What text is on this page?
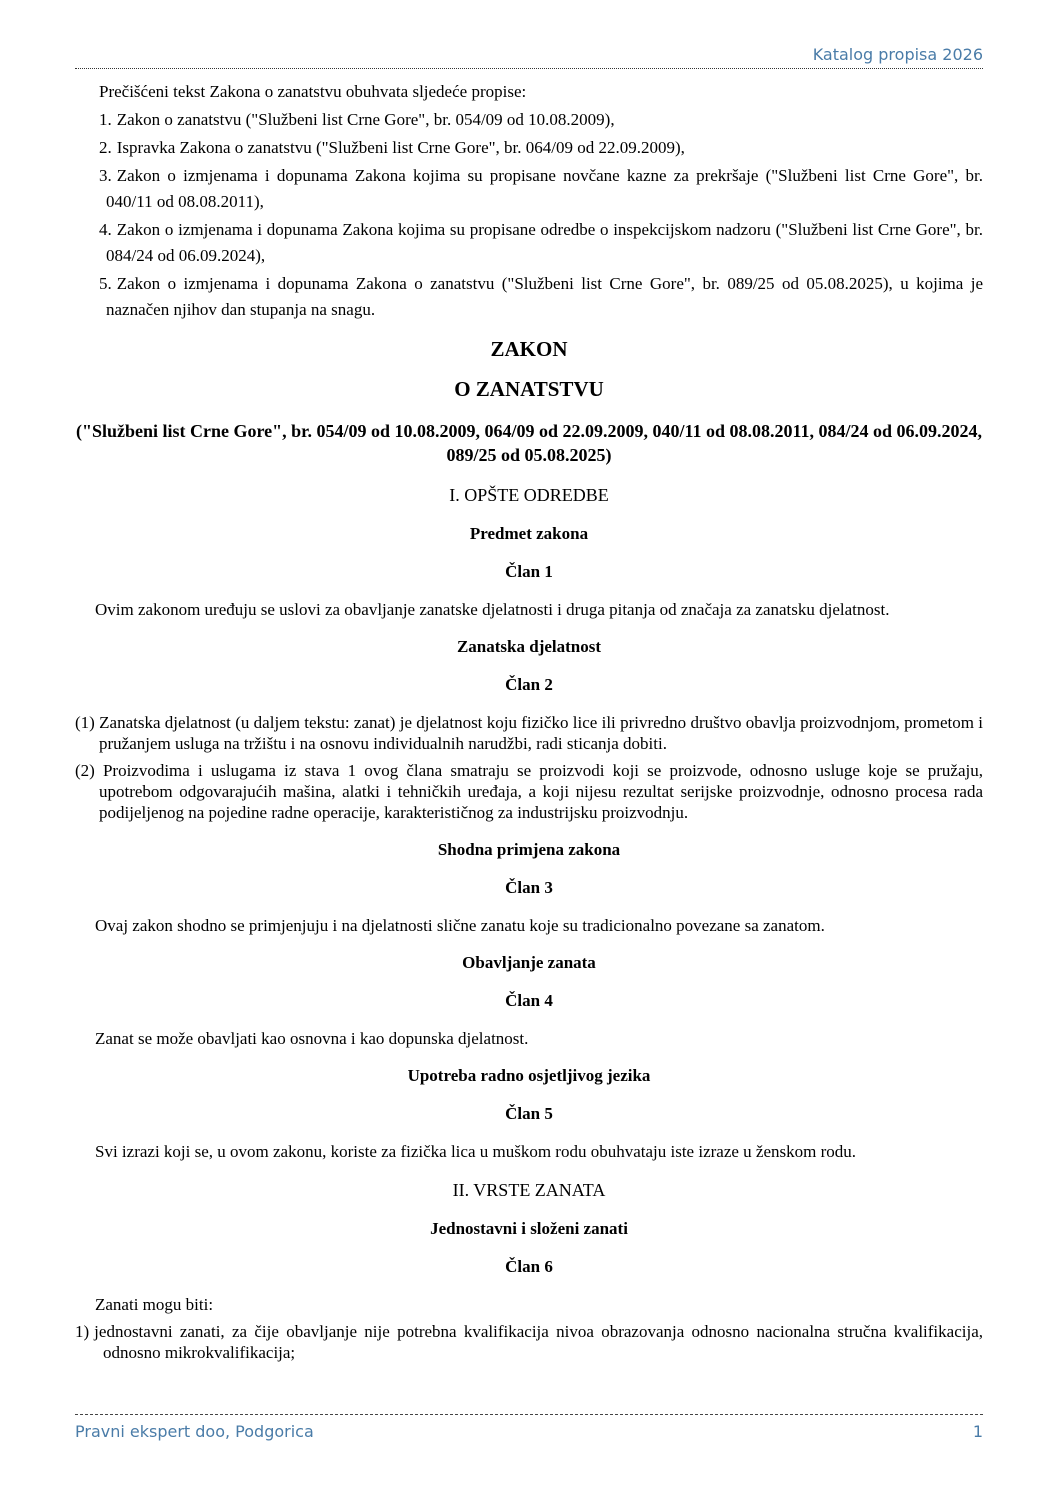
Katalog propisa 2026

Prečišćeni tekst Zakona o zanatstvu obuhvata sljedeće propise:

1. Zakon o zanatstvu ("Službeni list Crne Gore", br. 054/09 od 10.08.2009),

2. Ispravka Zakona o zanatstvu ("Službeni list Crne Gore", br. 064/09 od 22.09.2009),

3. Zakon o izmjenama i dopunama Zakona kojima su propisane novčane kazne za prekršaje ("Službeni list Crne Gore", br. 040/11 od 08.08.2011),

4. Zakon o izmjenama i dopunama Zakona kojima su propisane odredbe o inspekcijskom nadzoru ("Službeni list Crne Gore", br. 084/24 od 06.09.2024),

5. Zakon o izmjenama i dopunama Zakona o zanatstvu ("Službeni list Crne Gore", br. 089/25 od 05.08.2025), u kojima je naznačen njihov dan stupanja na snagu.

ZAKON
O ZANATSTVU

("Službeni list Crne Gore", br. 054/09 od 10.08.2009, 064/09 od 22.09.2009, 040/11 od 08.08.2011, 084/24 od 06.09.2024, 089/25 od 05.08.2025)

I. OPŠTE ODREDBE
Predmet zakona
Član 1

Ovim zakonom uređuju se uslovi za obavljanje zanatske djelatnosti i druga pitanja od značaja za zanatsku djelatnost.

Zanatska djelatnost
Član 2

(1) Zanatska djelatnost (u daljem tekstu: zanat) je djelatnost koju fizičko lice ili privredno društvo obavlja proizvodnjom, prometom i pružanjem usluga na tržištu i na osnovu individualnih narudžbi, radi sticanja dobiti.

(2) Proizvodima i uslugama iz stava 1 ovog člana smatraju se proizvodi koji se proizvode, odnosno usluge koje se pružaju, upotrebom odgovarajućih mašina, alatki i tehničkih uređaja, a koji nijesu rezultat serijske proizvodnje, odnosno procesa rada podijeljenog na pojedine radne operacije, karakterističnog za industrijsku proizvodnju.

Shodna primjena zakona
Član 3

Ovaj zakon shodno se primjenjuju i na djelatnosti slične zanatu koje su tradicionalno povezane sa zanatom.

Obavljanje zanata
Član 4

Zanat se može obavljati kao osnovna i kao dopunska djelatnost.

Upotreba radno osjetljivog jezika
Član 5

Svi izrazi koji se, u ovom zakonu, koriste za fizička lica u muškom rodu obuhvataju iste izraze u ženskom rodu.

II. VRSTE ZANATA
Jednostavni i složeni zanati
Član 6

Zanati mogu biti:

1) jednostavni zanati, za čije obavljanje nije potrebna kvalifikacija nivoa obrazovanja odnosno nacionalna stručna kvalifikacija, odnosno mikrokvalifikacija;

Pravni ekspert doo, Podgorica	1
